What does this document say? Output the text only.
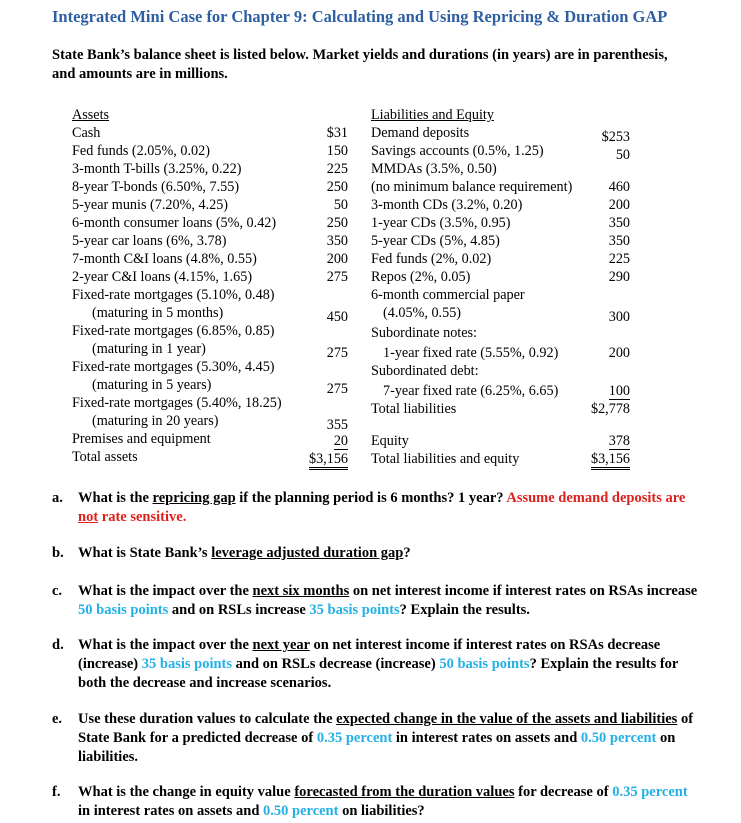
Integrated Mini Case for Chapter 9: Calculating and Using Repricing & Duration GAP
State Bank’s balance sheet is listed below. Market yields and durations (in years) are in parenthesis, and amounts are in millions.
Assets
Cash
Fed funds (2.05%, 0.02)
3-month T-bills (3.25%, 0.22)
8-year T-bonds (6.50%, 7.55)
5-year munis (7.20%, 4.25)
6-month consumer loans (5%, 0.42)
5-year car loans (6%, 3.78)
7-month C&I loans (4.8%, 0.55)
2-year C&I loans (4.15%, 1.65)
Fixed-rate mortgages (5.10%, 0.48)
(maturing in 5 months)
Fixed-rate mortgages (6.85%, 0.85)
(maturing in 1 year)
Fixed-rate mortgages (5.30%, 4.45)
(maturing in 5 years)
Fixed-rate mortgages (5.40%, 18.25)
(maturing in 20 years)
Premises and equipment
Total assets
$31
150
225
250
50
250
350
200
275
450
275
275
355
20
$3,156
Liabilities and Equity
Demand deposits
Savings accounts (0.5%, 1.25)
MMDAs (3.5%, 0.50)
(no minimum balance requirement)
3-month CDs (3.2%, 0.20)
1-year CDs (3.5%, 0.95)
5-year CDs (5%, 4.85)
Fed funds (2%, 0.02)
Repos (2%, 0.05)
6-month commercial paper
(4.05%, 0.55)
Subordinate notes:
1-year fixed rate (5.55%, 0.92)
Subordinated debt:
7-year fixed rate (6.25%, 6.65)
Total liabilities
Equity
Total liabilities and equity
$253
50
460
200
350
350
225
290
300
200
100
$2,778
378
$3,156
a. What is the repricing gap if the planning period is 6 months? 1 year? Assume demand deposits are not rate sensitive.
b. What is State Bank’s leverage adjusted duration gap?
c. What is the impact over the next six months on net interest income if interest rates on RSAs increase 50 basis points and on RSLs increase 35 basis points? Explain the results.
d. What is the impact over the next year on net interest income if interest rates on RSAs decrease (increase) 35 basis points and on RSLs decrease (increase) 50 basis points? Explain the results for both the decrease and increase scenarios.
e. Use these duration values to calculate the expected change in the value of the assets and liabilities of State Bank for a predicted decrease of 0.35 percent in interest rates on assets and 0.50 percent on liabilities.
f. What is the change in equity value forecasted from the duration values for decrease of 0.35 percent in interest rates on assets and 0.50 percent on liabilities?
